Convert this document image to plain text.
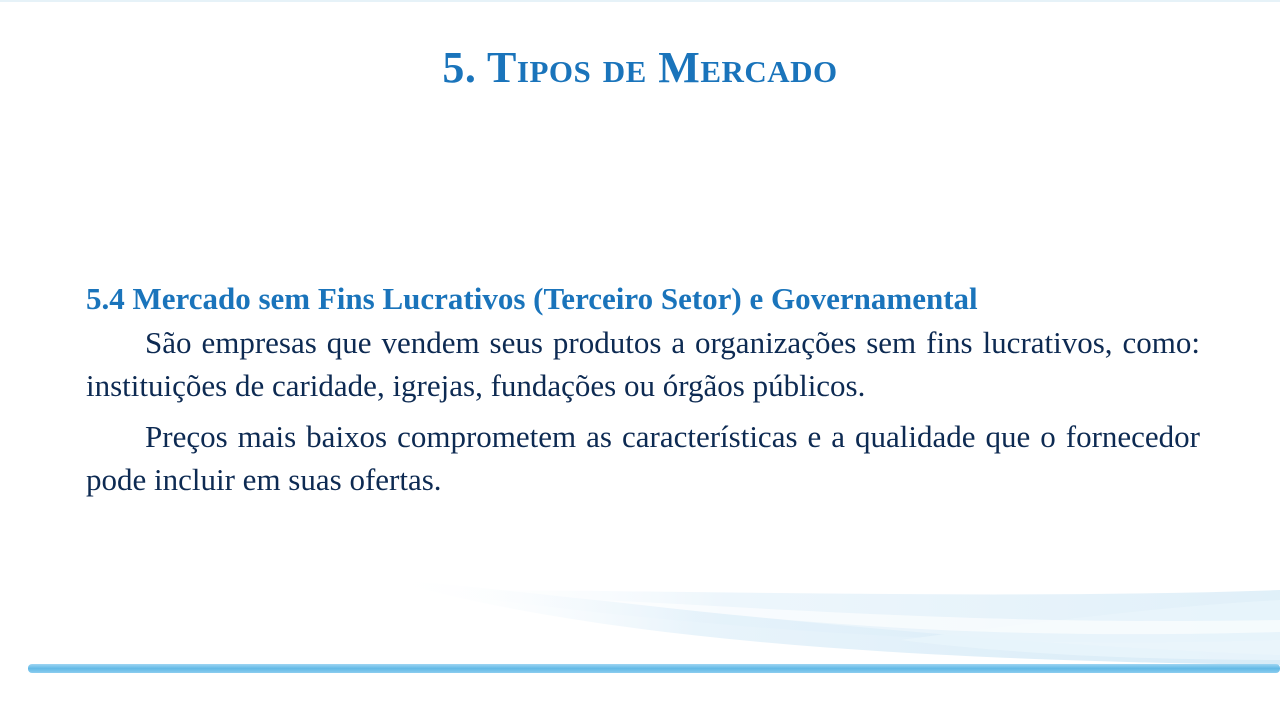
5. Tipos de Mercado

5.4 Mercado sem Fins Lucrativos (Terceiro Setor) e Governamental

São empresas que vendem seus produtos a organizações sem fins lucrativos, como: instituições de caridade, igrejas, fundações ou órgãos públicos.

Preços mais baixos comprometem as características e a qualidade que o fornecedor pode incluir em suas ofertas.
